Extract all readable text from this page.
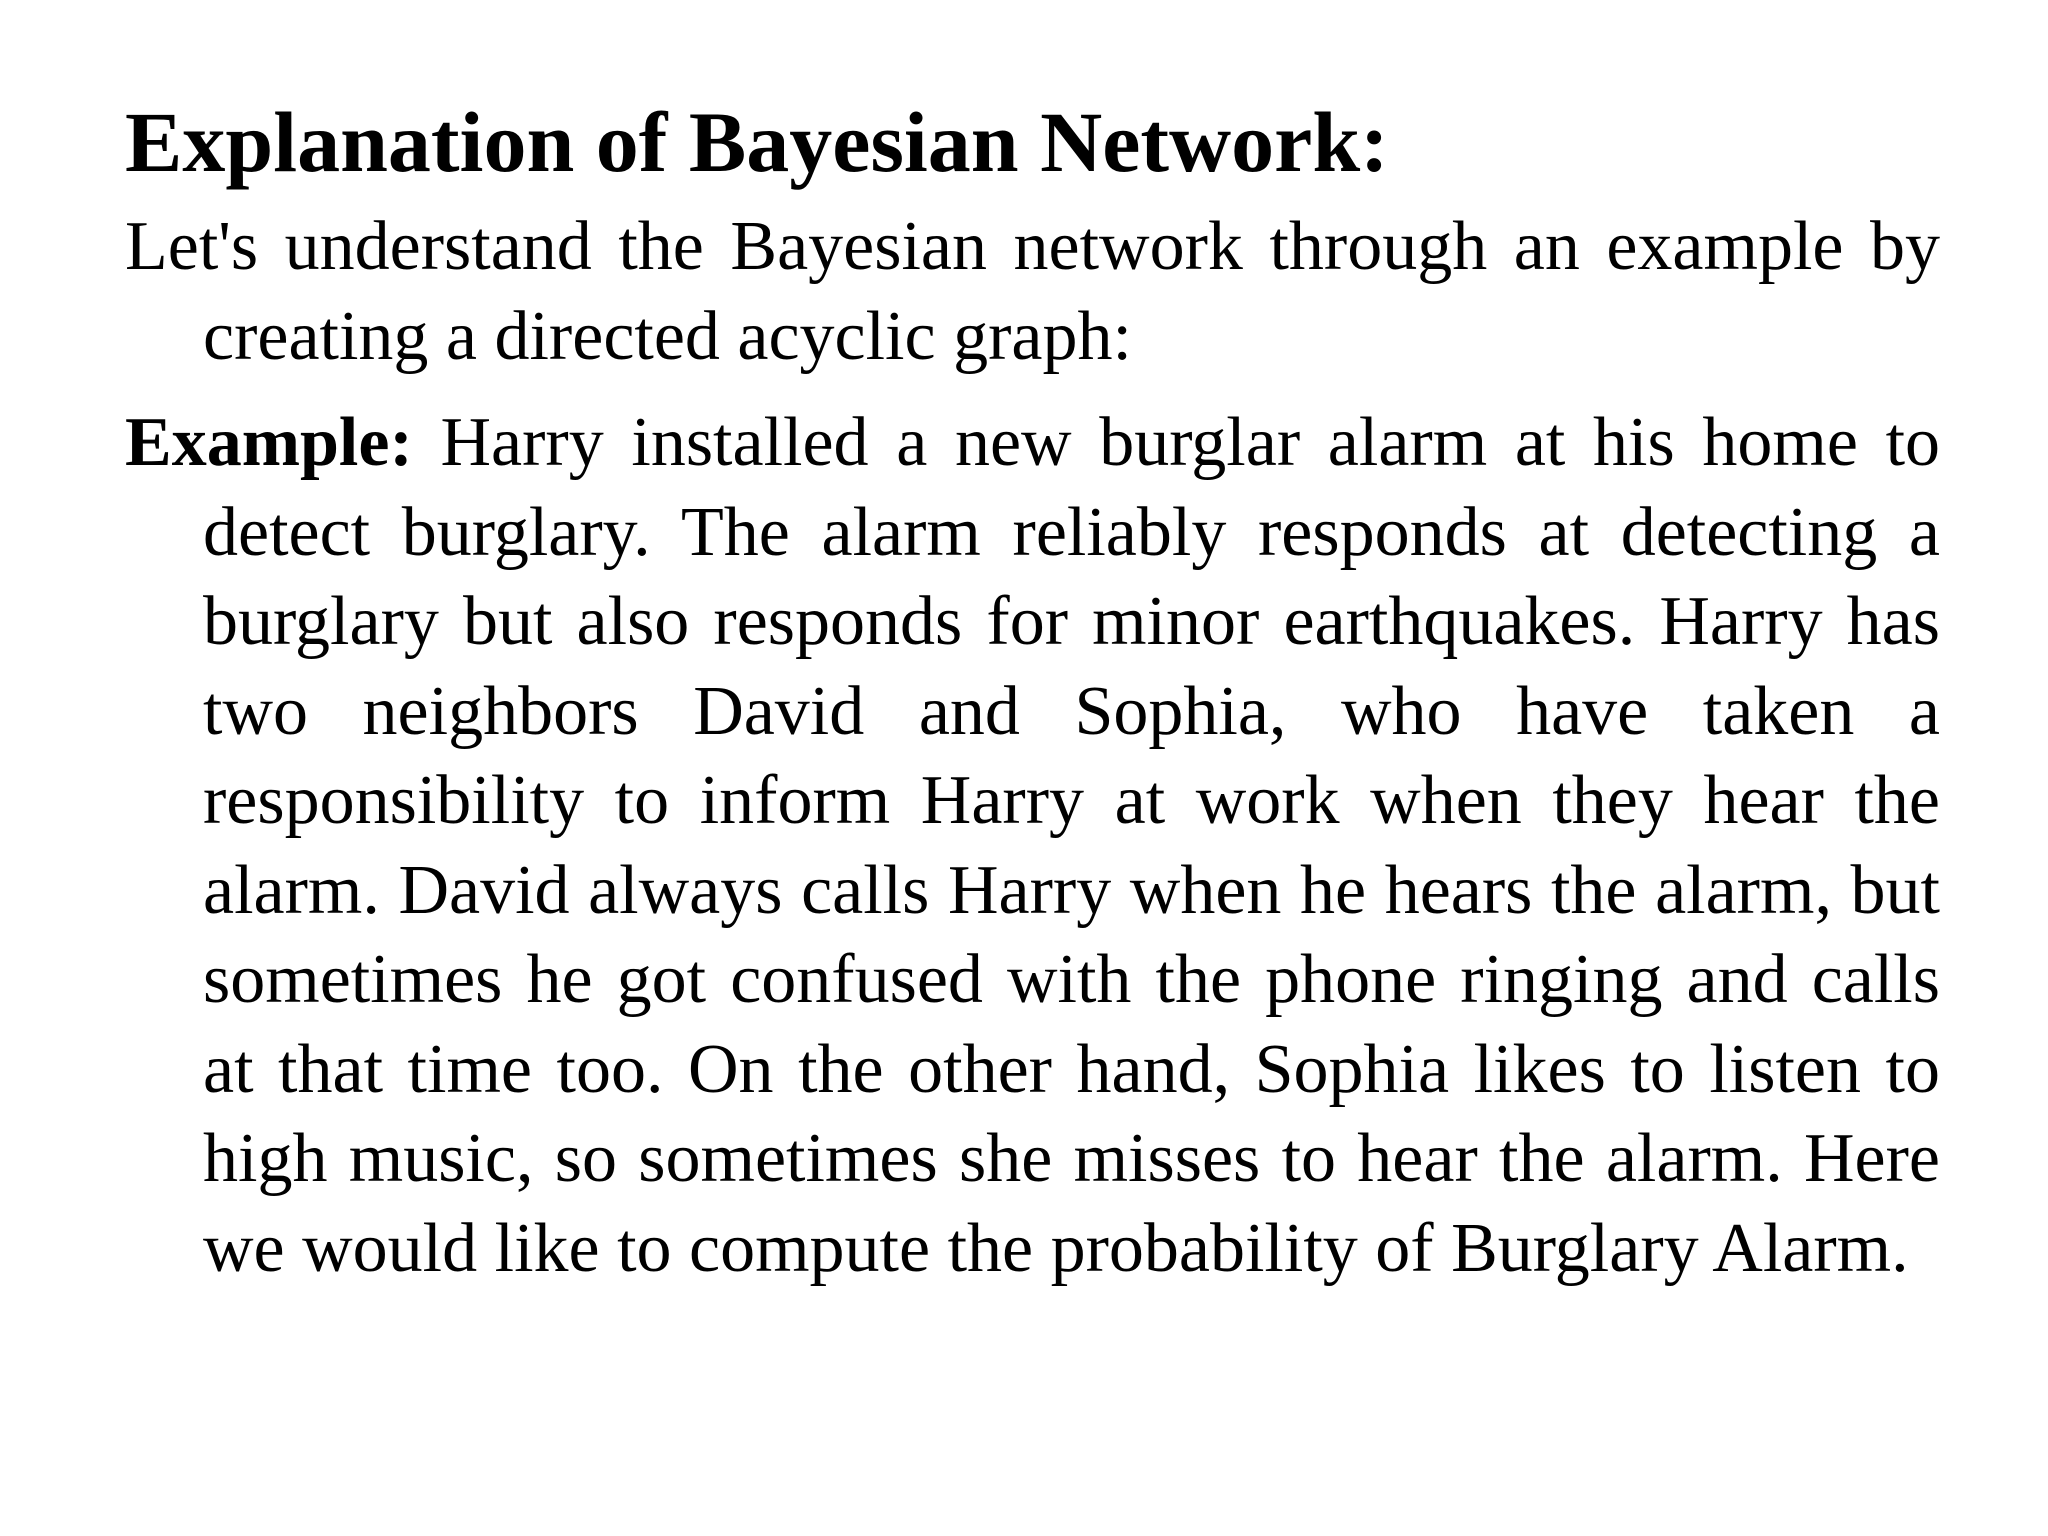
Explanation of Bayesian Network:

Let's understand the Bayesian network through an example by creating a directed acyclic graph:

Example: Harry installed a new burglar alarm at his home to detect burglary. The alarm reliably responds at detecting a burglary but also responds for minor earthquakes. Harry has two neighbors David and Sophia, who have taken a responsibility to inform Harry at work when they hear the alarm. David always calls Harry when he hears the alarm, but sometimes he got confused with the phone ringing and calls at that time too. On the other hand, Sophia likes to listen to high music, so sometimes she misses to hear the alarm. Here we would like to compute the probability of Burglary Alarm.
